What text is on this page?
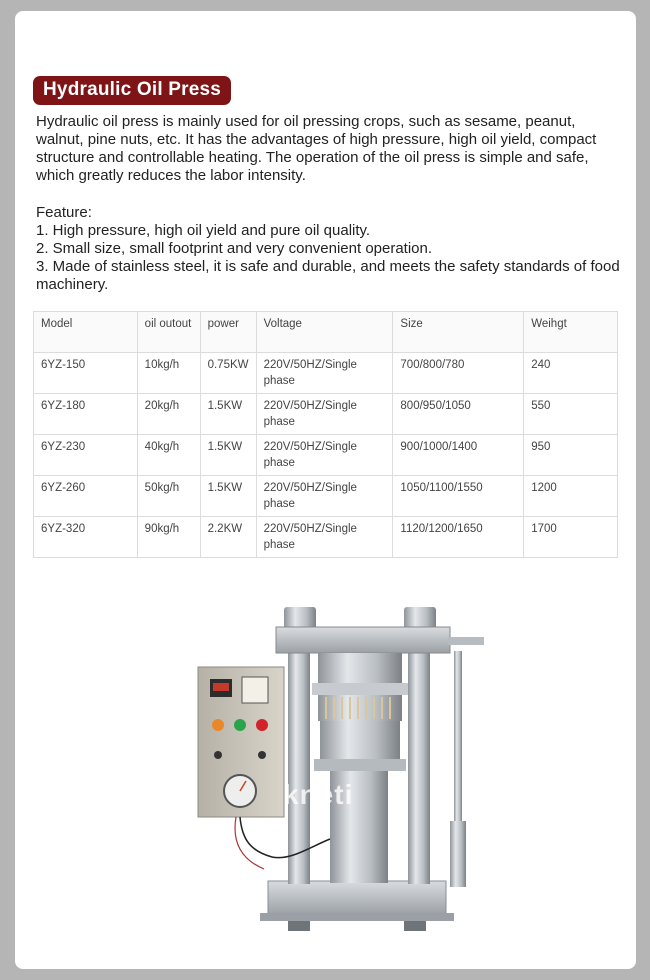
Hydraulic Oil Press

Hydraulic oil press is mainly used for oil pressing crops, such as sesame, peanut, walnut, pine nuts, etc. It has the advantages of high pressure, high oil yield, compact structure and controllable heating. The operation of the oil press is simple and safe, which greatly reduces the labor intensity.

Feature:
1. High pressure, high oil yield and pure oil quality.
2. Small size, small footprint and very convenient operation.
3. Made of stainless steel, it is safe and durable, and meets the safety standards of food machinery.
Model	oil outout	power	Voltage	Size	Weihgt
6YZ-150	10kg/h	0.75KW	220V/50HZ/Single phase	700/800/780	240
6YZ-180	20kg/h	1.5KW	220V/50HZ/Single phase	800/950/1050	550
6YZ-230	40kg/h	1.5KW	220V/50HZ/Single phase	900/1000/1400	950
6YZ-260	50kg/h	1.5KW	220V/50HZ/Single phase	1050/1100/1550	1200
6YZ-320	90kg/h	2.2KW	220V/50HZ/Single phase	1120/1200/1650	1700
kneti
